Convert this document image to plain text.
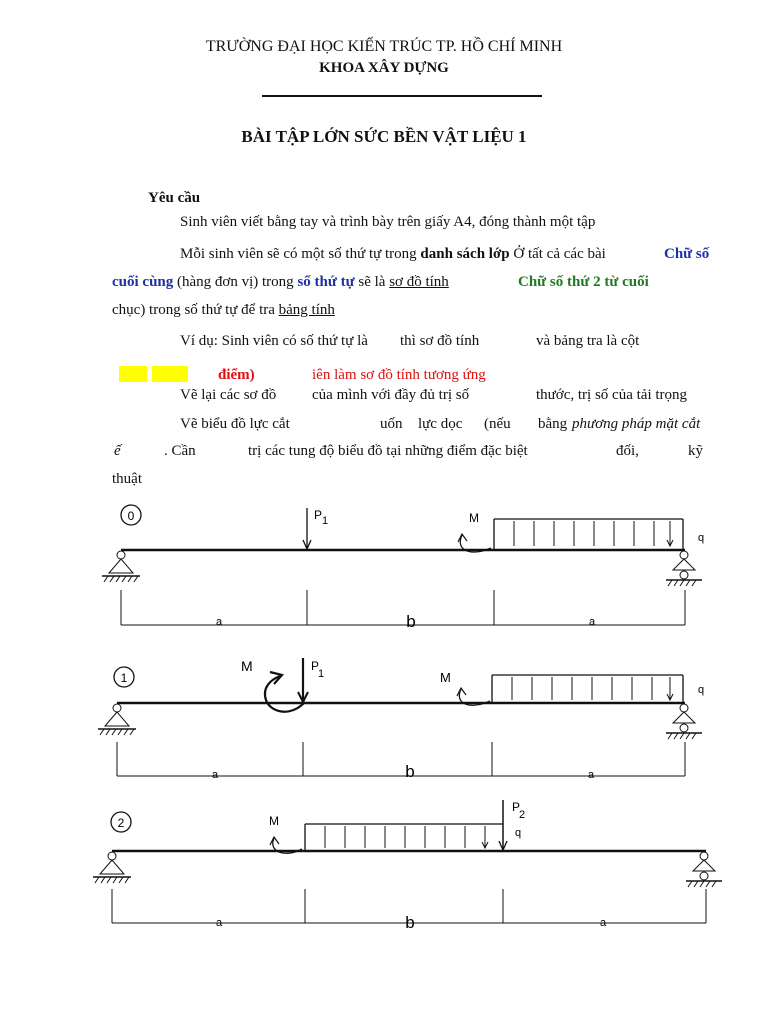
TRƯỜNG ĐẠI HỌC KIẾN TRÚC TP. HỒ CHÍ MINH
KHOA XÂY DỰNG
BÀI TẬP LỚN SỨC BỀN VẬT LIỆU 1
Yêu cầu
Sinh viên viết bằng tay và trình bày trên giấy A4, đóng thành một tập
Mỗi sinh viên sẽ có một số thứ tự trong danh sách lớp Ở tất cả các bài	Chữ số
cuối cùng (hàng đơn vị) trong số thứ tự sẽ là sơ đồ tính	Chữ số thứ 2 từ cuối
chục) trong số thứ tự để tra bảng tính
Ví dụ: Sinh viên có số thứ tự là thì sơ đồ tính	và bảng tra là cột
điểm)	iên làm sơ đồ tính tương ứng
Vẽ lại các sơ đồ của mình với đầy đủ trị số	thước, trị số của tải trọng
Vẽ biểu đồ lực cắt	uốn lực dọc (nếu bằng phương pháp mặt cắt
ế	. Cần	trị các tung độ biểu đồ tại những điểm đặc biệt	đối,	kỹ
thuật
0	P 1	M
q
a	b	a
1
M	P
1	M
q
a	b	a
2	M
P
2
q
a	b	a
